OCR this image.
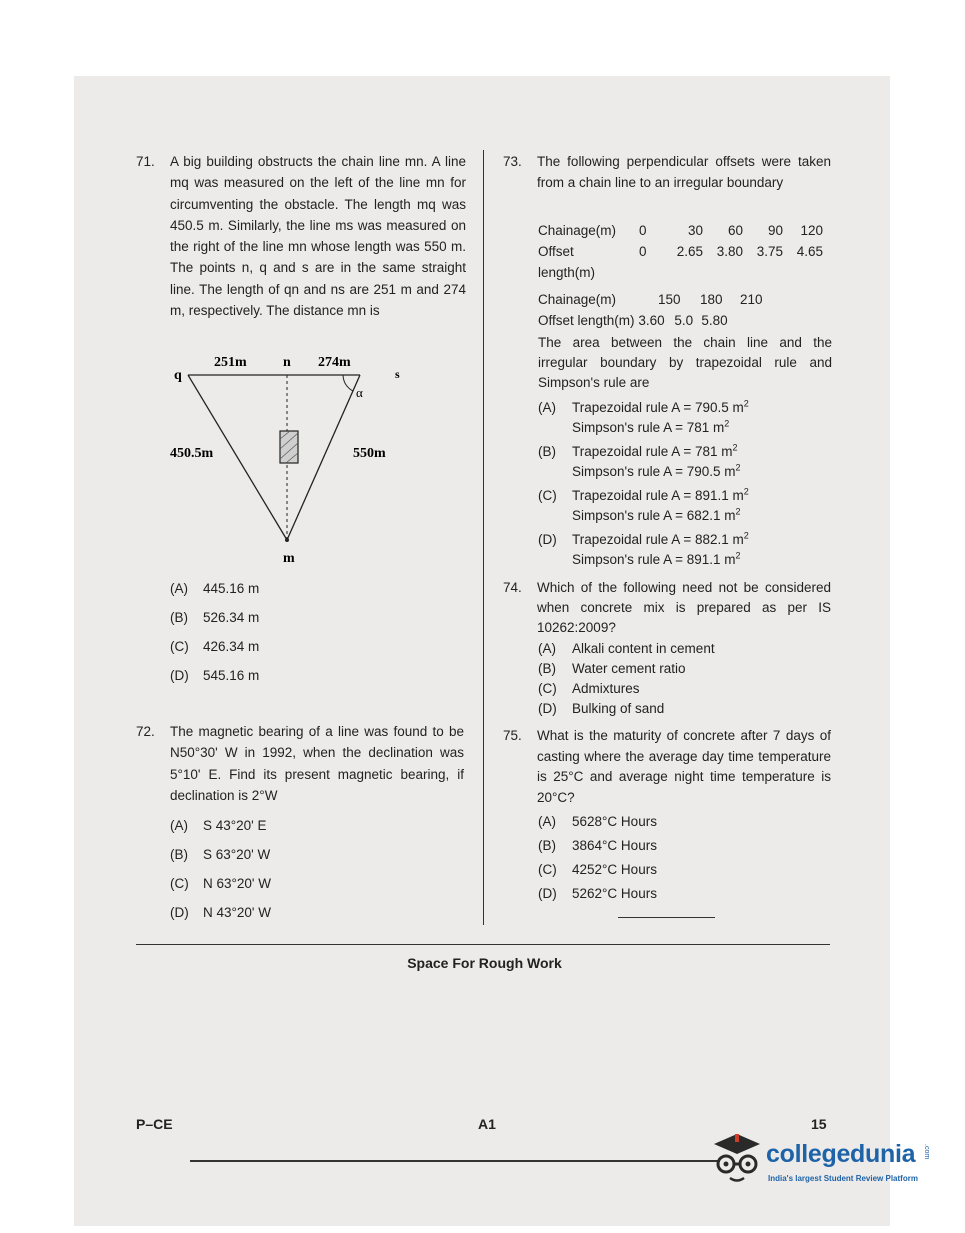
71. A big building obstructs the chain line mn. A line mq was measured on the left of the line mn for circumventing the obstacle. The length mq was 450.5 m. Similarly, the line ms was measured on the right of the line mn whose length was 550 m. The points n, q and s are in the same straight line. The length of qn and ns are 251 m and 274 m, respectively. The distance mn is
q
251m	n 274m
s
α
450.5m	550m
m
(A) 445.16 m
(B) 526.34 m
(C) 426.34 m
(D) 545.16 m
72. The magnetic bearing of a line was found to be N50°30' W in 1992, when the declination was 5°10' E. Find its present magnetic bearing, if declination is 2°W
(A) S 43°20' E
(B) S 63°20' W
(C) N 63°20' W
(D) N 43°20' W
73. The following perpendicular offsets were taken from a chain line to an irregular boundary
Chainage(m)	0	30	60	90	120
Offset	0	2.65	3.80	3.75	4.65
length(m)					
Chainage(m)	150 180 210
Offset length(m) 3.60 5.0 5.80
The area between the chain line and the irregular boundary by trapezoidal rule and Simpson's rule are
(A) Trapezoidal rule A = 790.5 $m^2$
Simpson's rule A = 781 $m^2$
(B) Trapezoidal rule A = 781 $m^2$
Simpson's rule A = 790.5 $m^2$
(C) Trapezoidal rule A = 891.1 $m^2$
Simpson's rule A = 682.1 $m^2$
(D) Trapezoidal rule A = 882.1 $m^2$
Simpson's rule A = 891.1 $m^2$
74. Which of the following need not be considered when concrete mix is prepared as per IS 10262:2009?
(A) Alkali content in cement
(B) Water cement ratio
(C) Admixtures
(D) Bulking of sand
75. What is the maturity of concrete after 7 days of casting where the average day time temperature is 25°C and average night time temperature is 20°C?
(A) 5628°C Hours
(B) 3864°C Hours
(C) 4252°C Hours
(D) 5262°C Hours
Space For Rough Work
P–CE	A1	15
collegedunia .com
India's largest Student Review Platform
